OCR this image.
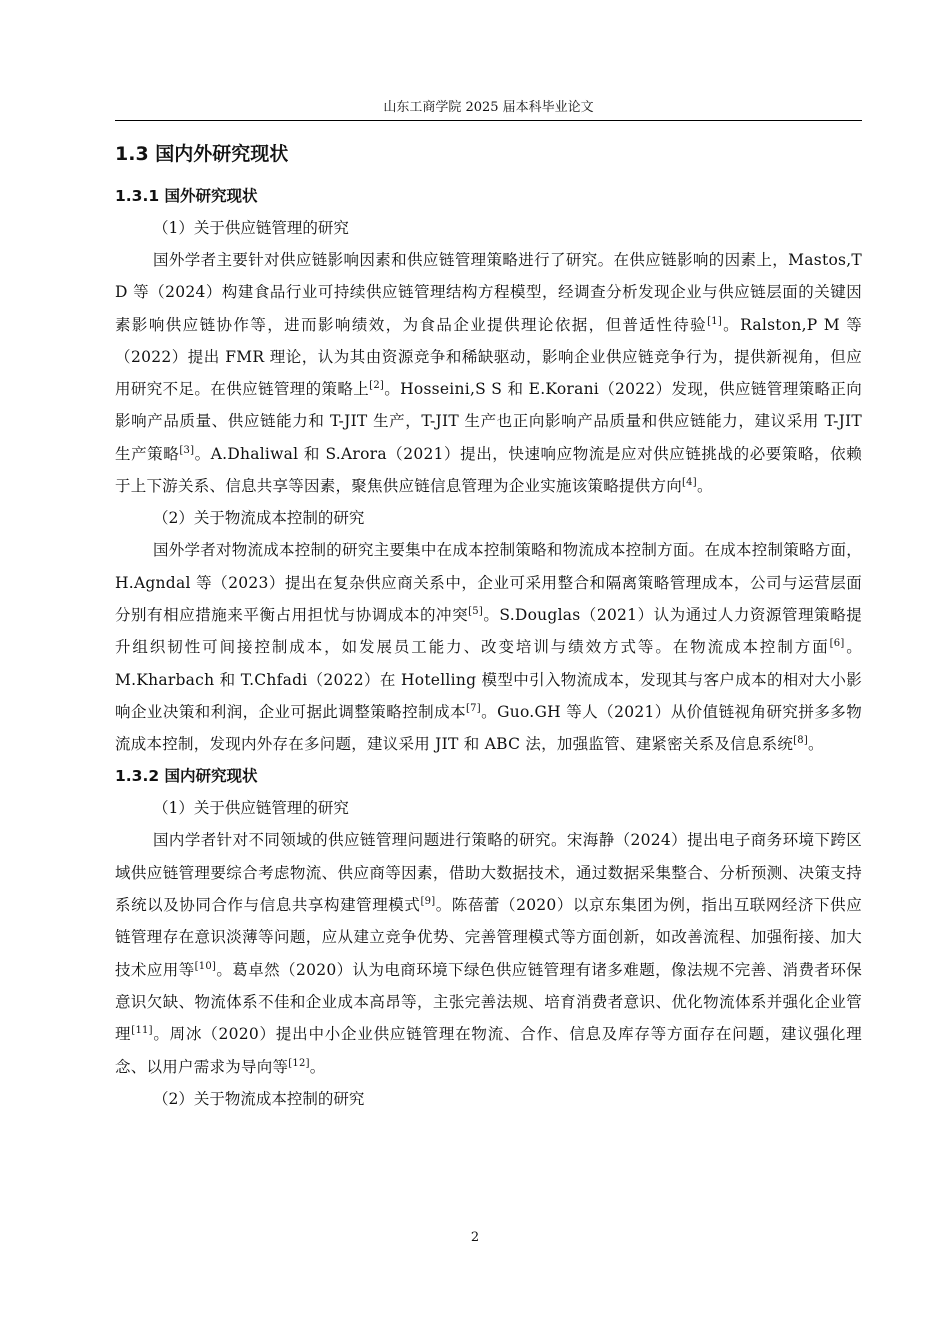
山东工商学院 2025 届本科毕业论文
1.3 国内外研究现状
1.3.1 国外研究现状
（1）关于供应链管理的研究

国外学者主要针对供应链影响因素和供应链管理策略进行了研究。在供应链影响的因素上，Mastos,T D 等（2024）构建食品行业可持续供应链管理结构方程模型，经调查分析发现企业与供应链层面的关键因素影响供应链协作等，进而影响绩效，为食品企业提供理论依据，但普适性待验[1]。Ralston,P M 等（2022）提出 FMR 理论，认为其由资源竞争和稀缺驱动，影响企业供应链竞争行为，提供新视角，但应用研究不足。在供应链管理的策略上[2]。Hosseini,S S 和 E.Korani（2022）发现，供应链管理策略正向影响产品质量、供应链能力和 T-JIT 生产，T-JIT 生产也正向影响产品质量和供应链能力，建议采用 T-JIT 生产策略[3]。A.Dhaliwal 和 S.Arora（2021）提出，快速响应物流是应对供应链挑战的必要策略，依赖于上下游关系、信息共享等因素，聚焦供应链信息管理为企业实施该策略提供方向[4]。

（2）关于物流成本控制的研究

国外学者对物流成本控制的研究主要集中在成本控制策略和物流成本控制方面。在成本控制策略方面，H.Agndal 等（2023）提出在复杂供应商关系中，企业可采用整合和隔离策略管理成本，公司与运营层面分别有相应措施来平衡占用担忧与协调成本的冲突[5]。S.Douglas（2021）认为通过人力资源管理策略提升组织韧性可间接控制成本，如发展员工能力、改变培训与绩效方式等。在物流成本控制方面[6]。M.Kharbach 和 T.Chfadi（2022）在 Hotelling 模型中引入物流成本，发现其与客户成本的相对大小影响企业决策和利润，企业可据此调整策略控制成本[7]。Guo.GH 等人（2021）从价值链视角研究拼多多物流成本控制，发现内外存在多问题，建议采用 JIT 和 ABC 法，加强监管、建紧密关系及信息系统[8]。

1.3.2 国内研究现状
（1）关于供应链管理的研究

国内学者针对不同领域的供应链管理问题进行策略的研究。宋海静（2024）提出电子商务环境下跨区域供应链管理要综合考虑物流、供应商等因素，借助大数据技术，通过数据采集整合、分析预测、决策支持系统以及协同合作与信息共享构建管理模式[9]。陈蓓蕾（2020）以京东集团为例，指出互联网经济下供应链管理存在意识淡薄等问题，应从建立竞争优势、完善管理模式等方面创新，如改善流程、加强衔接、加大技术应用等[10]。葛卓然（2020）认为电商环境下绿色供应链管理有诸多难题，像法规不完善、消费者环保意识欠缺、物流体系不佳和企业成本高昂等，主张完善法规、培育消费者意识、优化物流体系并强化企业管理[11]。周冰（2020）提出中小企业供应链管理在物流、合作、信息及库存等方面存在问题，建议强化理念、以用户需求为导向等[12]。

（2）关于物流成本控制的研究
2
